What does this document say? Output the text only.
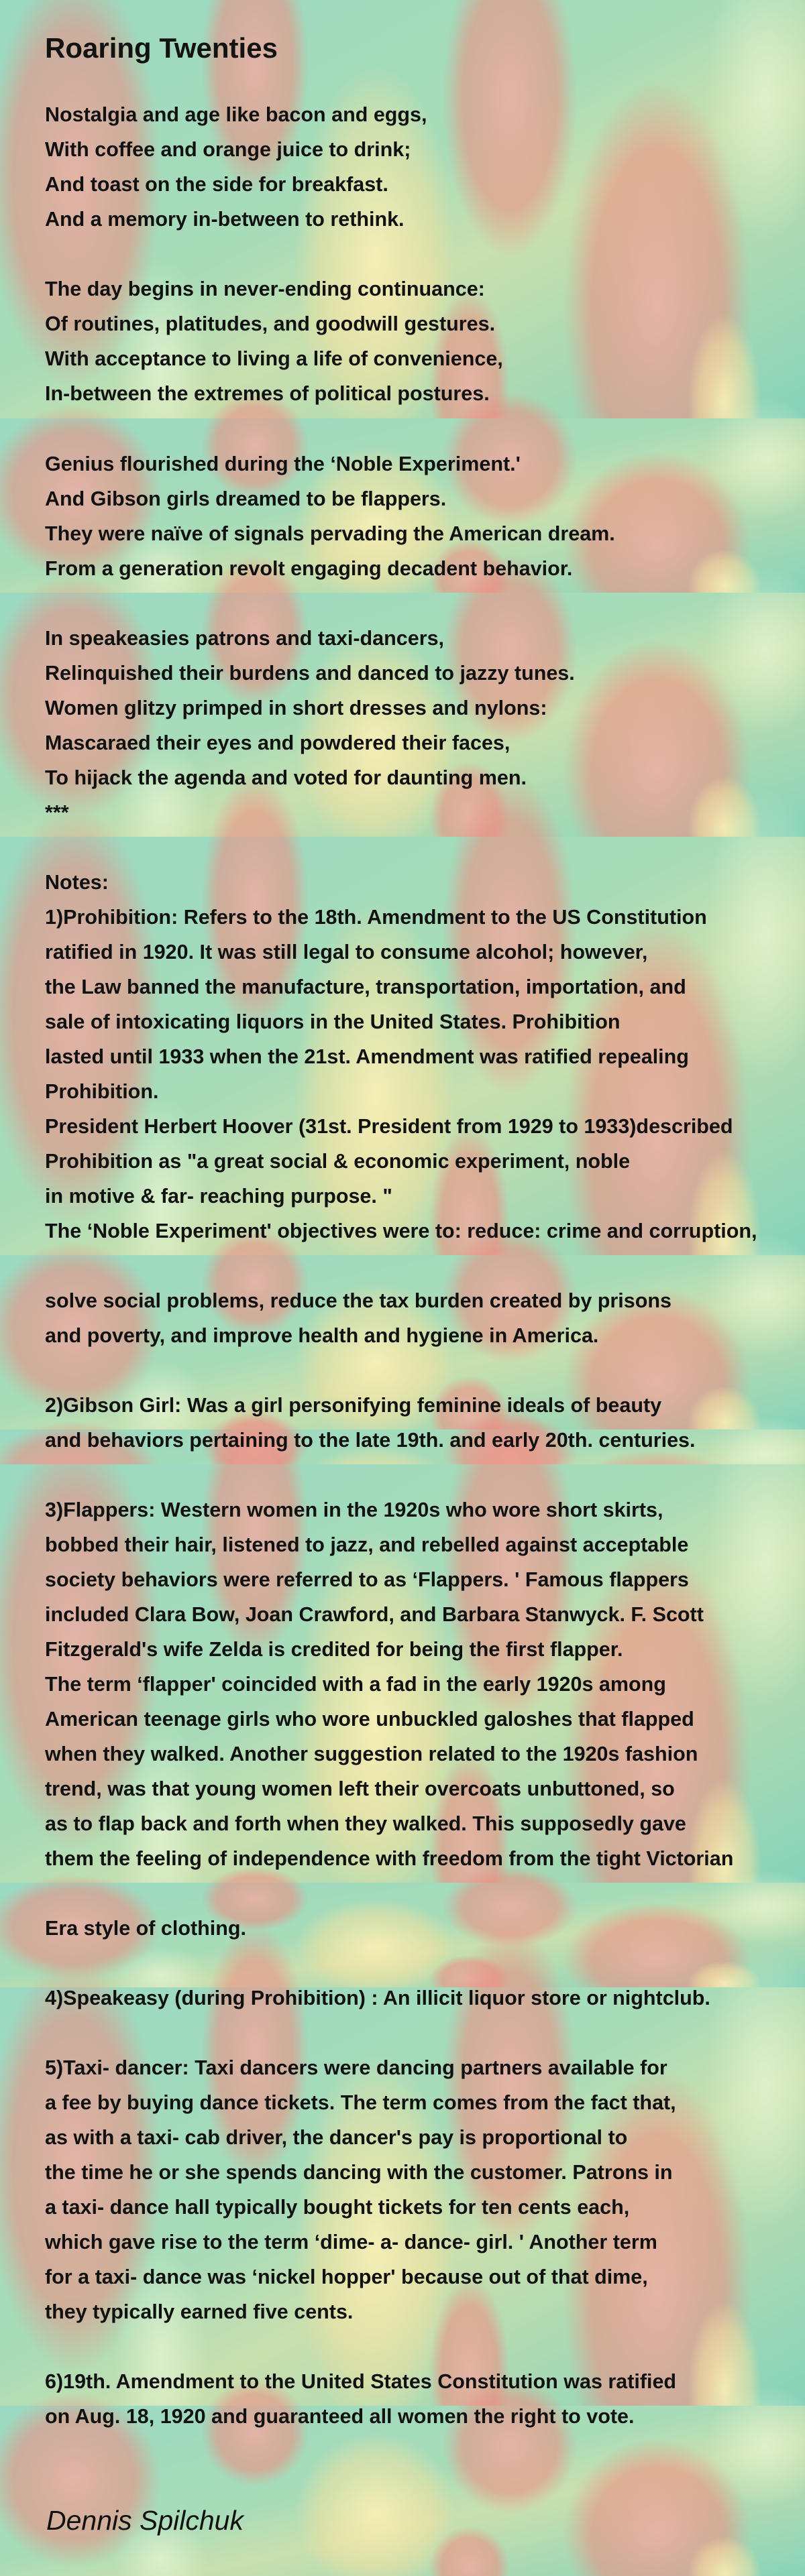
Roaring Twenties
Nostalgia and age like bacon and eggs,
With coffee and orange juice to drink;
And toast on the side for breakfast.
And a memory in-between to rethink.
The day begins in never-ending continuance:
Of routines, platitudes, and goodwill gestures.
With acceptance to living a life of convenience,
In-between the extremes of political postures.
Genius flourished during the ‘Noble Experiment.'
And Gibson girls dreamed to be flappers.
They were naïve of signals pervading the American dream.
From a generation revolt engaging decadent behavior.
In speakeasies patrons and taxi-dancers,
Relinquished their burdens and danced to jazzy tunes.
Women glitzy primped in short dresses and nylons:
Mascaraed their eyes and powdered their faces,
To hijack the agenda and voted for daunting men.
***
Notes:
1)Prohibition: Refers to the 18th. Amendment to the US Constitution
ratified in 1920. It was still legal to consume alcohol; however,
the Law banned the manufacture, transportation, importation, and
sale of intoxicating liquors in the United States. Prohibition
lasted until 1933 when the 21st. Amendment was ratified repealing
Prohibition.
President Herbert Hoover (31st. President from 1929 to 1933)described
Prohibition as "a great social & economic experiment, noble
in motive & far- reaching purpose. "
The ‘Noble Experiment' objectives were to: reduce: crime and corruption,
solve social problems, reduce the tax burden created by prisons
and poverty, and improve health and hygiene in America.
2)Gibson Girl: Was a girl personifying feminine ideals of beauty
and behaviors pertaining to the late 19th. and early 20th. centuries.
3)Flappers: Western women in the 1920s who wore short skirts,
bobbed their hair, listened to jazz, and rebelled against acceptable
society behaviors were referred to as ‘Flappers. ' Famous flappers
included Clara Bow, Joan Crawford, and Barbara Stanwyck. F. Scott
Fitzgerald's wife Zelda is credited for being the first flapper.
The term ‘flapper' coincided with a fad in the early 1920s among
American teenage girls who wore unbuckled galoshes that flapped
when they walked. Another suggestion related to the 1920s fashion
trend, was that young women left their overcoats unbuttoned, so
as to flap back and forth when they walked. This supposedly gave
them the feeling of independence with freedom from the tight Victorian
Era style of clothing.
4)Speakeasy (during Prohibition) : An illicit liquor store or nightclub.
5)Taxi- dancer: Taxi dancers were dancing partners available for
a fee by buying dance tickets. The term comes from the fact that,
as with a taxi- cab driver, the dancer's pay is proportional to
the time he or she spends dancing with the customer. Patrons in
a taxi- dance hall typically bought tickets for ten cents each,
which gave rise to the term ‘dime- a- dance- girl. ' Another term
for a taxi- dance was ‘nickel hopper' because out of that dime,
they typically earned five cents.
6)19th. Amendment to the United States Constitution was ratified
on Aug. 18, 1920 and guaranteed all women the right to vote.
Dennis Spilchuk
